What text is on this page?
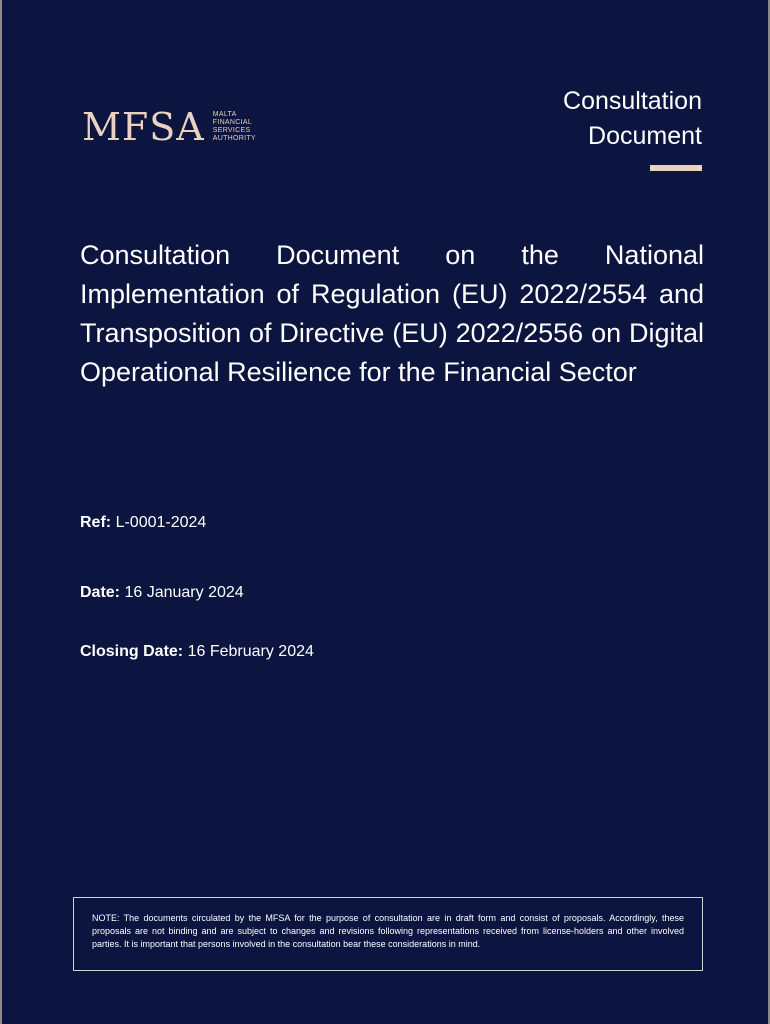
MFSA MALTA
FINANCIAL
SERVICES
AUTHORITY
Consultation
Document
Consultation Document on the National Implementation of Regulation (EU) 2022/2554 and Transposition of Directive (EU) 2022/2556 on Digital Operational Resilience for the Financial Sector
Ref: L-0001-2024
Date: 16 January 2024
Closing Date: 16 February 2024

NOTE: The documents circulated by the MFSA for the purpose of consultation are in draft form and consist of proposals. Accordingly, these proposals are not binding and are subject to changes and revisions following representations received from license-holders and other involved parties. It is important that persons involved in the consultation bear these considerations in mind.
